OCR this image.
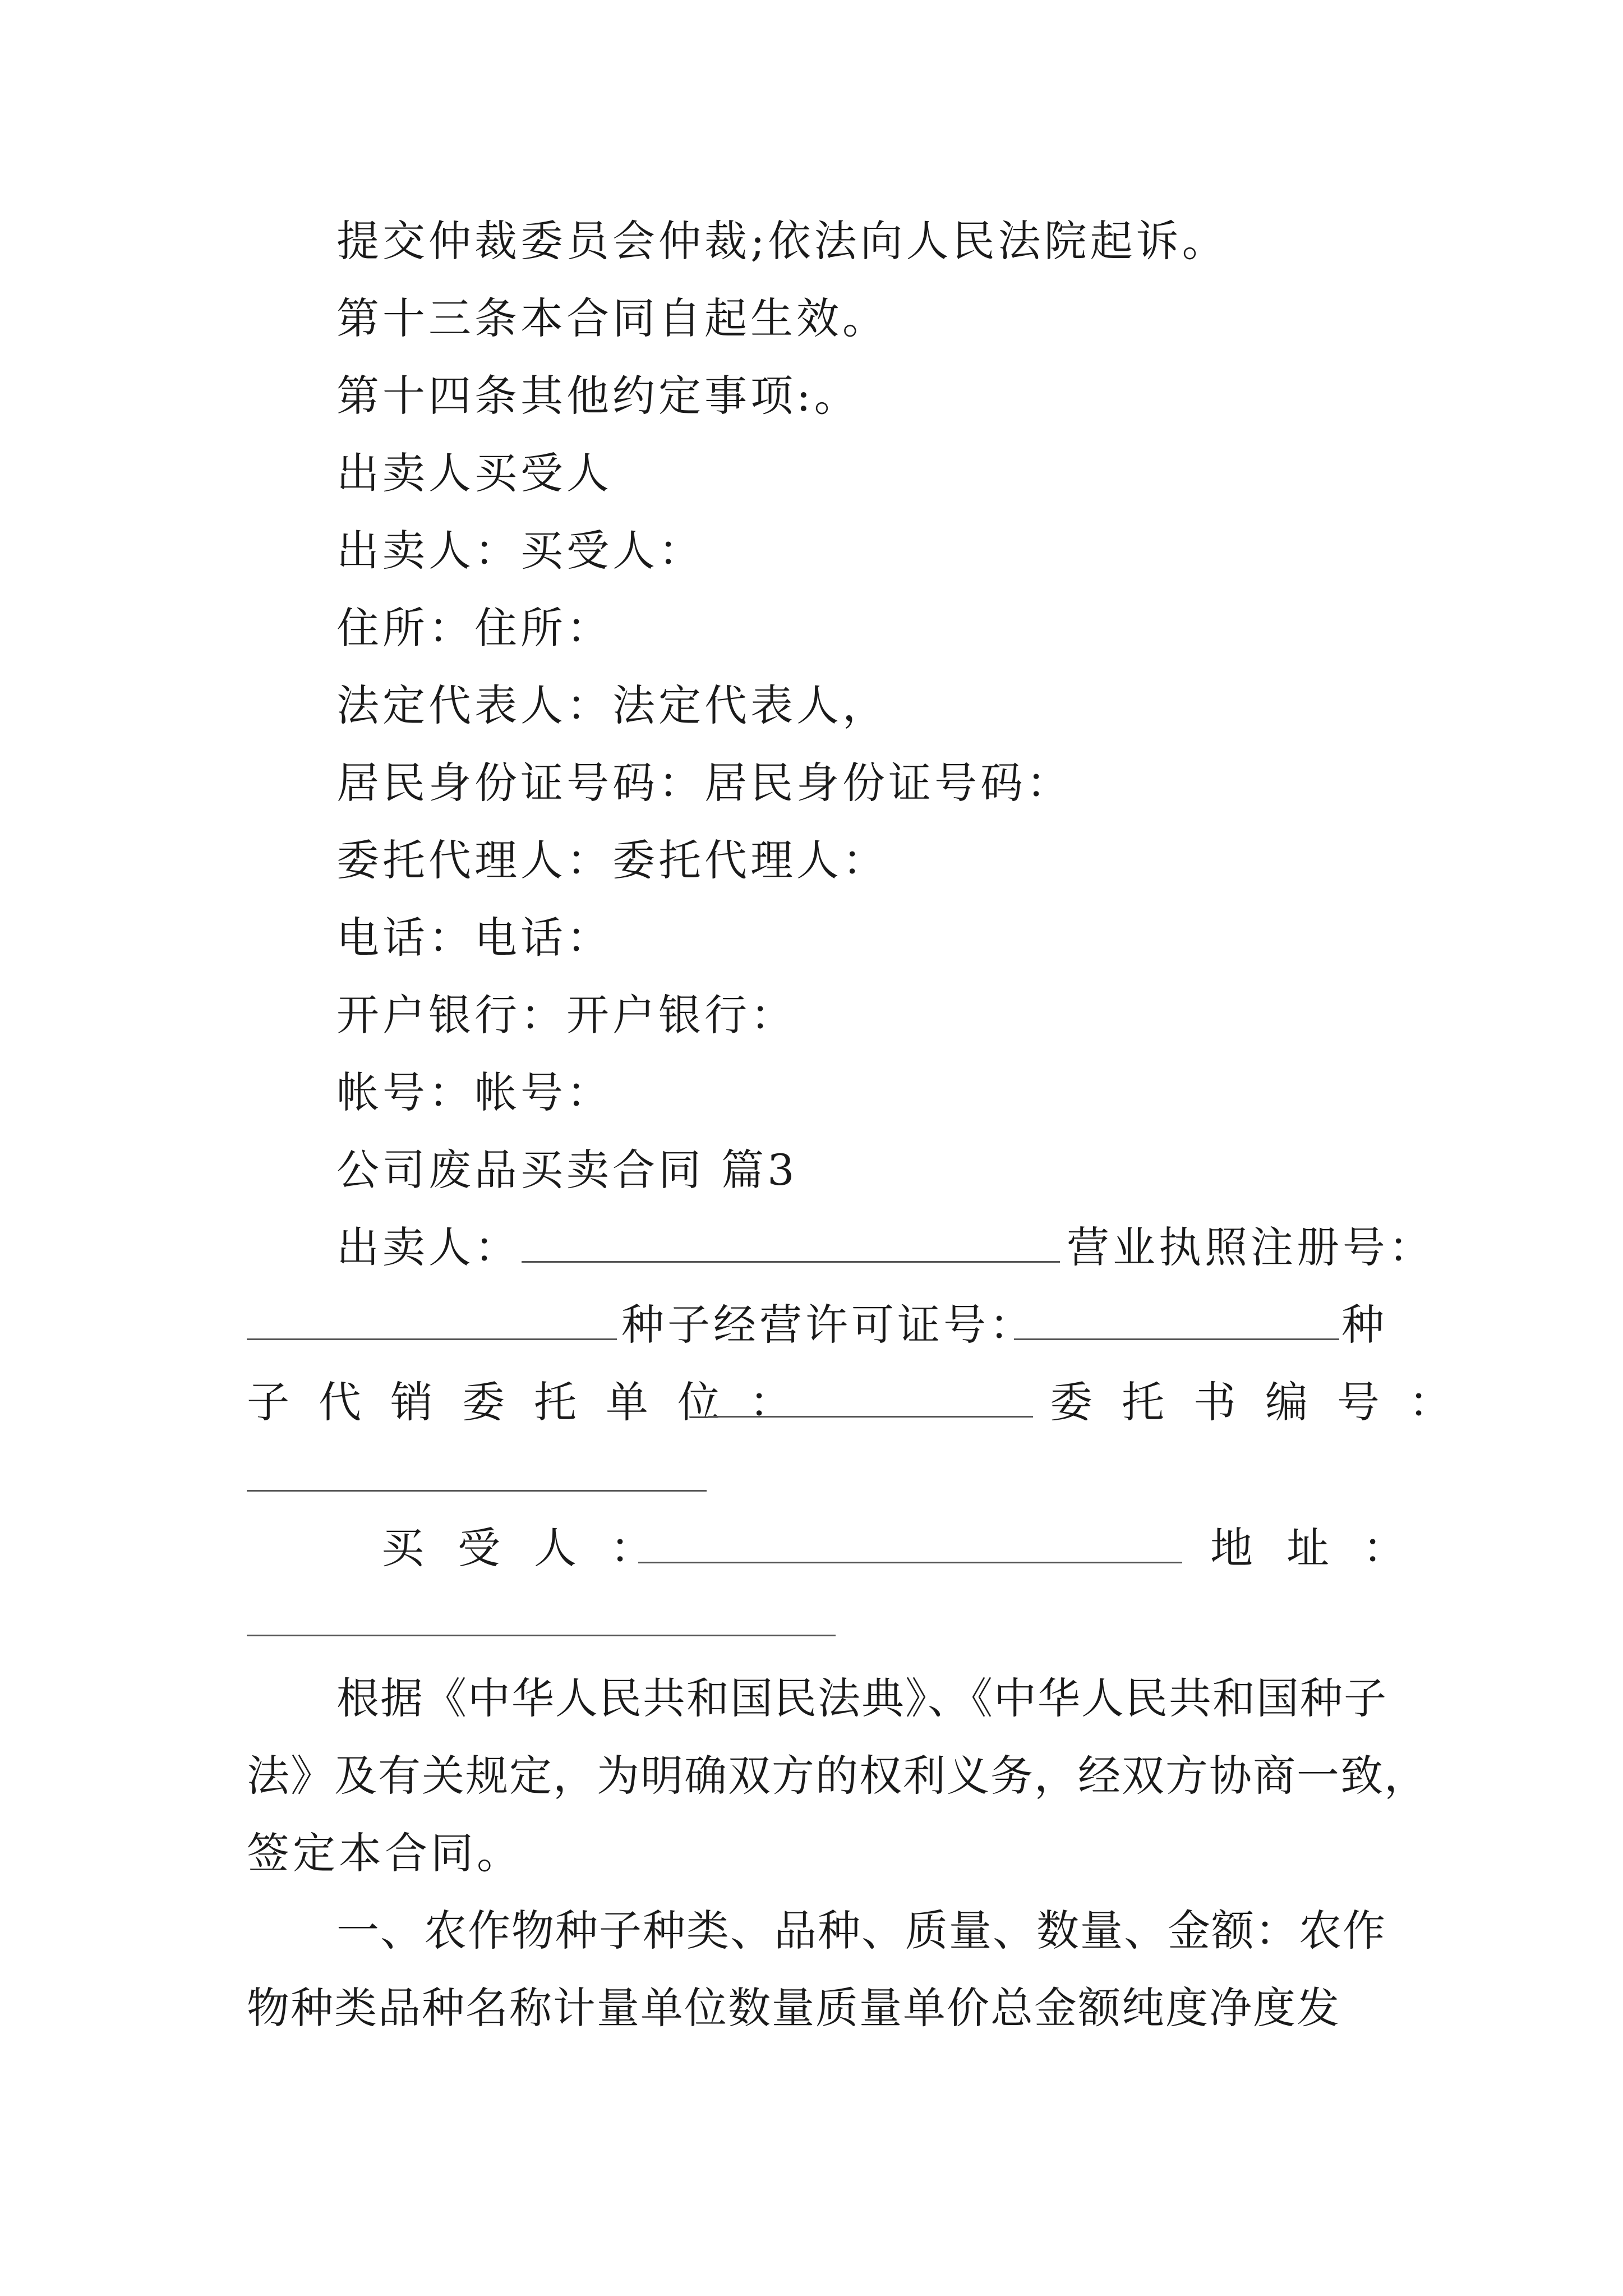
提交仲裁委员会仲裁;依法向人民法院起诉。
第十三条本合同自起生效。
第十四条其他约定事项:。
出卖人买受人
出卖人：买受人：
住所：住所：
法定代表人：法定代表人，
居民身份证号码：居民身份证号码：
委托代理人：委托代理人：
电话：电话：
开户银行：开户银行：
帐号：帐号：
公司废品买卖合同 篇3
出卖人：	营业执照注册号：
种子经营许可证号：	种
子代销委托单位：	委托书编号：
买受人：	地址：
根据《中华人民共和国民法典》、《中华人民共和国种子
法》及有关规定，为明确双方的权利义务，经双方协商一致，
签定本合同。
一、农作物种子种类、品种、质量、数量、金额：农作
物种类品种名称计量单位数量质量单价总金额纯度净度发
